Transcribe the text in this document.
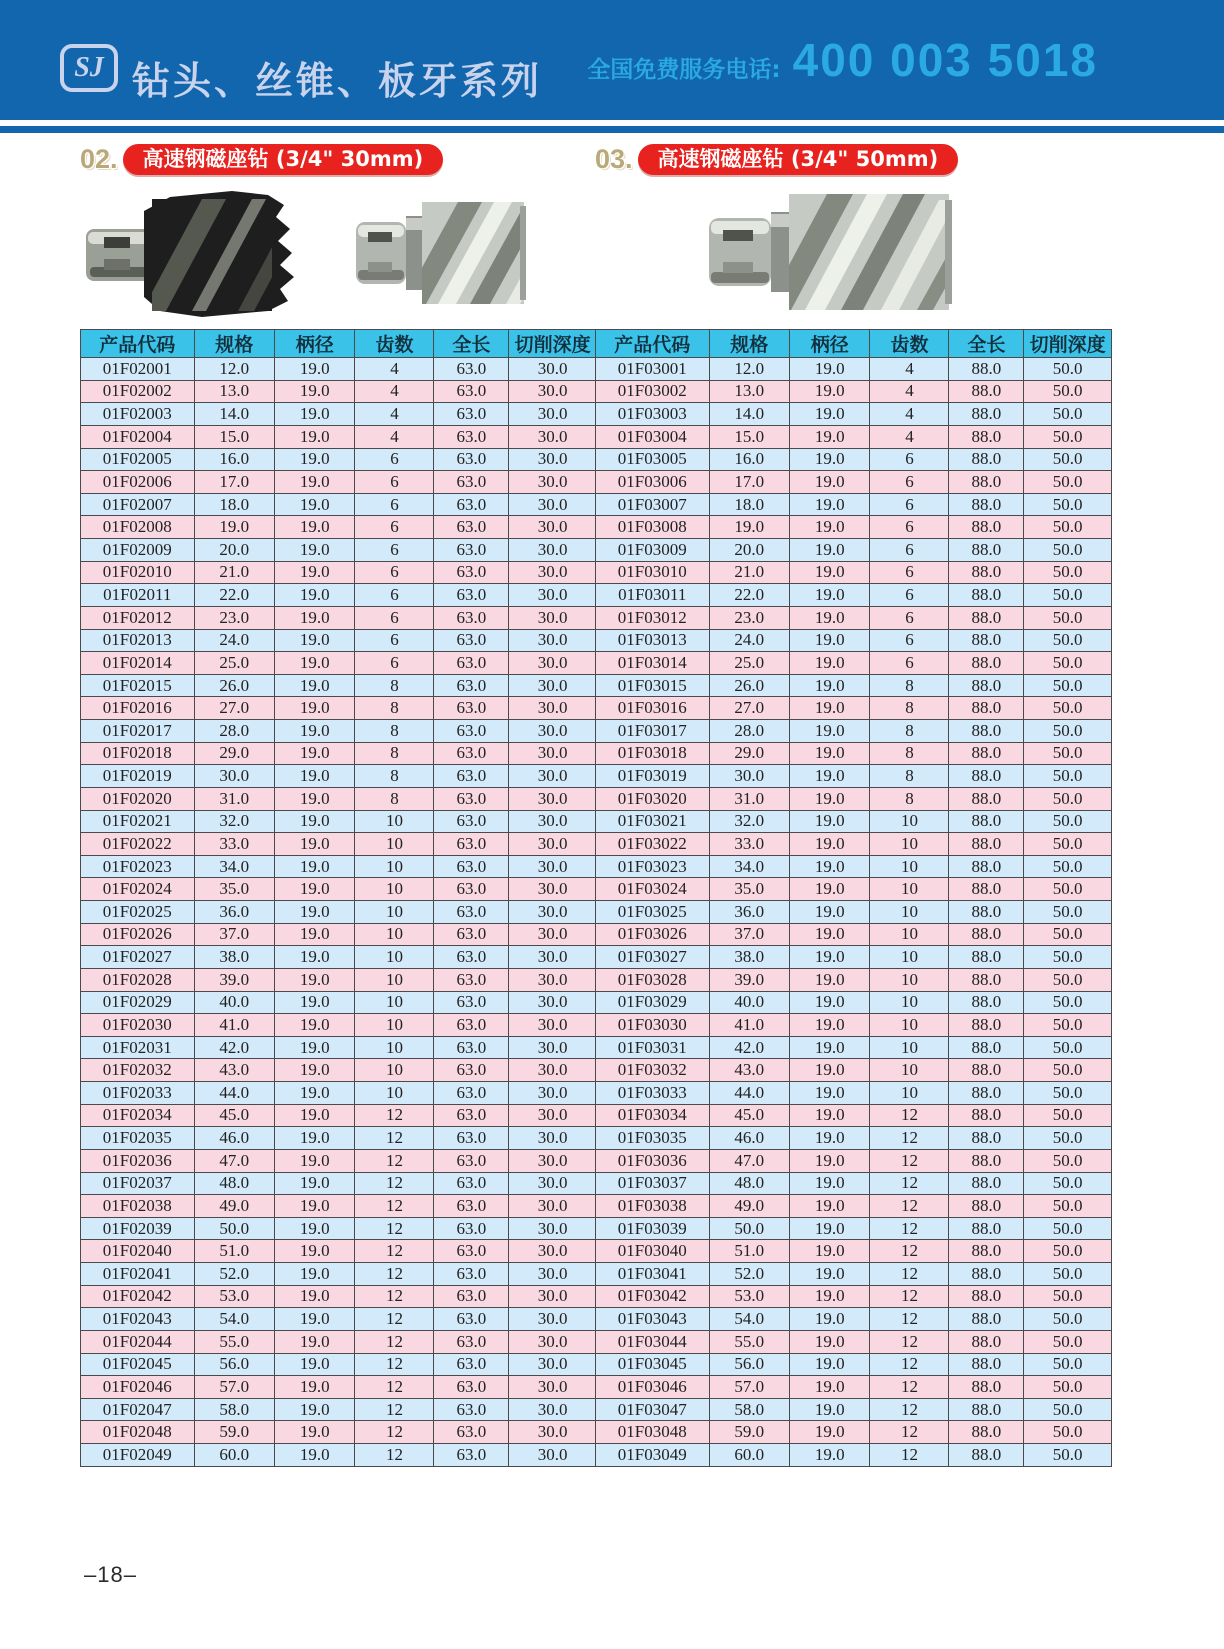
SJ 钻头、丝锥、板牙系列 全国免费服务电话: 400 003 5018
02.	高速钢磁座钻 (3/4" 30mm)
产品代码	规格	柄径	齿数	全长	切削深度
01F02001	12.0	19.0	4	63.0	30.0
01F02002	13.0	19.0	4	63.0	30.0
01F02003	14.0	19.0	4	63.0	30.0
01F02004	15.0	19.0	4	63.0	30.0
01F02005	16.0	19.0	6	63.0	30.0
01F02006	17.0	19.0	6	63.0	30.0
01F02007	18.0	19.0	6	63.0	30.0
01F02008	19.0	19.0	6	63.0	30.0
01F02009	20.0	19.0	6	63.0	30.0
01F02010	21.0	19.0	6	63.0	30.0
01F02011	22.0	19.0	6	63.0	30.0
01F02012	23.0	19.0	6	63.0	30.0
01F02013	24.0	19.0	6	63.0	30.0
01F02014	25.0	19.0	6	63.0	30.0
01F02015	26.0	19.0	8	63.0	30.0
01F02016	27.0	19.0	8	63.0	30.0
01F02017	28.0	19.0	8	63.0	30.0
01F02018	29.0	19.0	8	63.0	30.0
01F02019	30.0	19.0	8	63.0	30.0
01F02020	31.0	19.0	8	63.0	30.0
01F02021	32.0	19.0	10	63.0	30.0
01F02022	33.0	19.0	10	63.0	30.0
01F02023	34.0	19.0	10	63.0	30.0
01F02024	35.0	19.0	10	63.0	30.0
01F02025	36.0	19.0	10	63.0	30.0
01F02026	37.0	19.0	10	63.0	30.0
01F02027	38.0	19.0	10	63.0	30.0
01F02028	39.0	19.0	10	63.0	30.0
01F02029	40.0	19.0	10	63.0	30.0
01F02030	41.0	19.0	10	63.0	30.0
01F02031	42.0	19.0	10	63.0	30.0
01F02032	43.0	19.0	10	63.0	30.0
01F02033	44.0	19.0	10	63.0	30.0
01F02034	45.0	19.0	12	63.0	30.0
01F02035	46.0	19.0	12	63.0	30.0
01F02036	47.0	19.0	12	63.0	30.0
01F02037	48.0	19.0	12	63.0	30.0
01F02038	49.0	19.0	12	63.0	30.0
01F02039	50.0	19.0	12	63.0	30.0
01F02040	51.0	19.0	12	63.0	30.0
01F02041	52.0	19.0	12	63.0	30.0
01F02042	53.0	19.0	12	63.0	30.0
01F02043	54.0	19.0	12	63.0	30.0
01F02044	55.0	19.0	12	63.0	30.0
01F02045	56.0	19.0	12	63.0	30.0
01F02046	57.0	19.0	12	63.0	30.0
01F02047	58.0	19.0	12	63.0	30.0
01F02048	59.0	19.0	12	63.0	30.0
01F02049	60.0	19.0	12	63.0	30.0
03.	高速钢磁座钻 (3/4" 50mm)
产品代码	规格	柄径	齿数	全长	切削深度
01F03001	12.0	19.0	4	88.0	50.0
01F03002	13.0	19.0	4	88.0	50.0
01F03003	14.0	19.0	4	88.0	50.0
01F03004	15.0	19.0	4	88.0	50.0
01F03005	16.0	19.0	6	88.0	50.0
01F03006	17.0	19.0	6	88.0	50.0
01F03007	18.0	19.0	6	88.0	50.0
01F03008	19.0	19.0	6	88.0	50.0
01F03009	20.0	19.0	6	88.0	50.0
01F03010	21.0	19.0	6	88.0	50.0
01F03011	22.0	19.0	6	88.0	50.0
01F03012	23.0	19.0	6	88.0	50.0
01F03013	24.0	19.0	6	88.0	50.0
01F03014	25.0	19.0	6	88.0	50.0
01F03015	26.0	19.0	8	88.0	50.0
01F03016	27.0	19.0	8	88.0	50.0
01F03017	28.0	19.0	8	88.0	50.0
01F03018	29.0	19.0	8	88.0	50.0
01F03019	30.0	19.0	8	88.0	50.0
01F03020	31.0	19.0	8	88.0	50.0
01F03021	32.0	19.0	10	88.0	50.0
01F03022	33.0	19.0	10	88.0	50.0
01F03023	34.0	19.0	10	88.0	50.0
01F03024	35.0	19.0	10	88.0	50.0
01F03025	36.0	19.0	10	88.0	50.0
01F03026	37.0	19.0	10	88.0	50.0
01F03027	38.0	19.0	10	88.0	50.0
01F03028	39.0	19.0	10	88.0	50.0
01F03029	40.0	19.0	10	88.0	50.0
01F03030	41.0	19.0	10	88.0	50.0
01F03031	42.0	19.0	10	88.0	50.0
01F03032	43.0	19.0	10	88.0	50.0
01F03033	44.0	19.0	10	88.0	50.0
01F03034	45.0	19.0	12	88.0	50.0
01F03035	46.0	19.0	12	88.0	50.0
01F03036	47.0	19.0	12	88.0	50.0
01F03037	48.0	19.0	12	88.0	50.0
01F03038	49.0	19.0	12	88.0	50.0
01F03039	50.0	19.0	12	88.0	50.0
01F03040	51.0	19.0	12	88.0	50.0
01F03041	52.0	19.0	12	88.0	50.0
01F03042	53.0	19.0	12	88.0	50.0
01F03043	54.0	19.0	12	88.0	50.0
01F03044	55.0	19.0	12	88.0	50.0
01F03045	56.0	19.0	12	88.0	50.0
01F03046	57.0	19.0	12	88.0	50.0
01F03047	58.0	19.0	12	88.0	50.0
01F03048	59.0	19.0	12	88.0	50.0
01F03049	60.0	19.0	12	88.0	50.0
–18–
